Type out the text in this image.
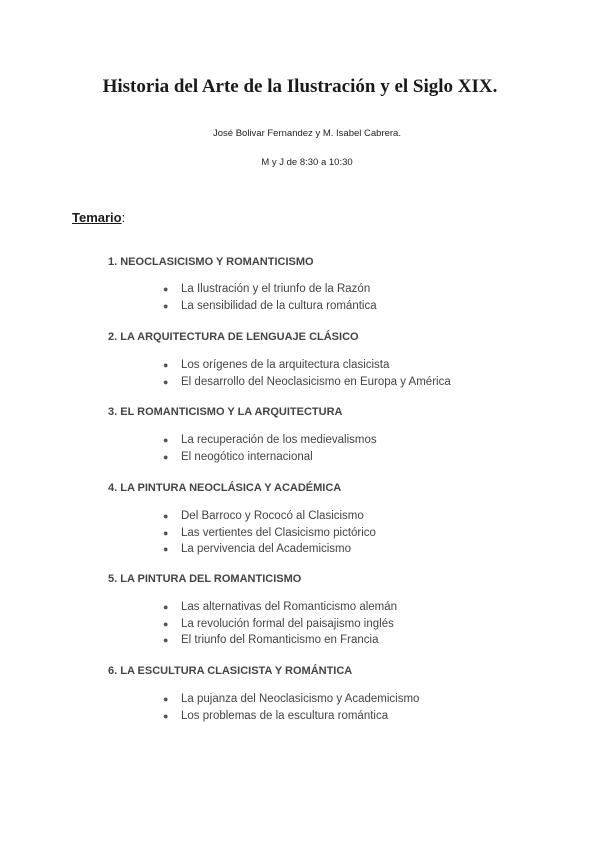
Historia del Arte de la Ilustración y el Siglo XIX.
José Bolivar Fernandez y M. Isabel Cabrera.
M y J de 8:30 a 10:30
Temario:
1. NEOCLASICISMO Y ROMANTICISMO
● La Ilustración y el triunfo de la Razón
● La sensibilidad de la cultura romántica
2. LA ARQUITECTURA DE LENGUAJE CLÁSICO
● Los orígenes de la arquitectura clasicista
● El desarrollo del Neoclasicismo en Europa y América
3. EL ROMANTICISMO Y LA ARQUITECTURA
● La recuperación de los medievalismos
● El neogótico internacional
4. LA PINTURA NEOCLÁSICA Y ACADÉMICA
● Del Barroco y Rococó al Clasicismo
● Las vertientes del Clasicismo pictórico
● La pervivencia del Academicismo
5. LA PINTURA DEL ROMANTICISMO
● Las alternativas del Romanticismo alemán
● La revolución formal del paisajismo inglés
● El triunfo del Romanticismo en Francia
6. LA ESCULTURA CLASICISTA Y ROMÁNTICA
● La pujanza del Neoclasicismo y Academicismo
● Los problemas de la escultura romántica
